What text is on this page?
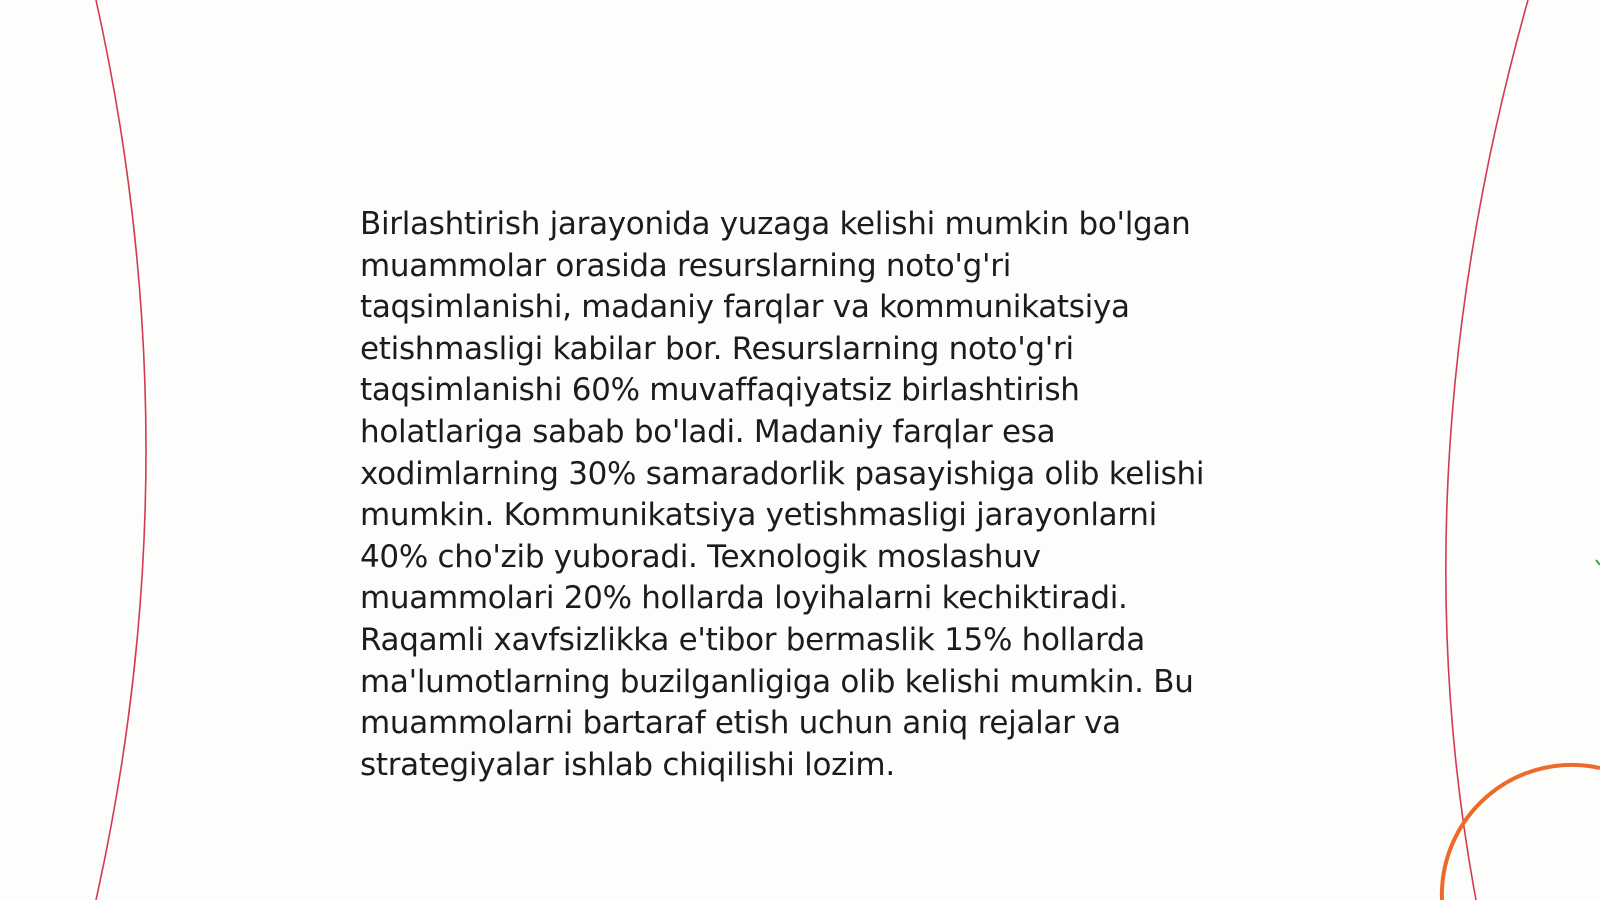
Birlashtirish jarayonida yuzaga kelishi mumkin bo'lgan muammolar orasida resurslarning noto'g'ri taqsimlanishi, madaniy farqlar va kommunikatsiya etishmasligi kabilar bor. Resurslarning noto'g'ri taqsimlanishi 60% muvaffaqiyatsiz birlashtirish holatlariga sabab bo'ladi. Madaniy farqlar esa xodimlarning 30% samaradorlik pasayishiga olib kelishi mumkin. Kommunikatsiya yetishmasligi jarayonlarni 40% cho'zib yuboradi. Texnologik moslashuv muammolari 20% hollarda loyihalarni kechiktiradi. Raqamli xavfsizlikka e'tibor bermaslik 15% hollarda ma'lumotlarning buzilganligiga olib kelishi mumkin. Bu muammolarni bartaraf etish uchun aniq rejalar va strategiyalar ishlab chiqilishi lozim.
